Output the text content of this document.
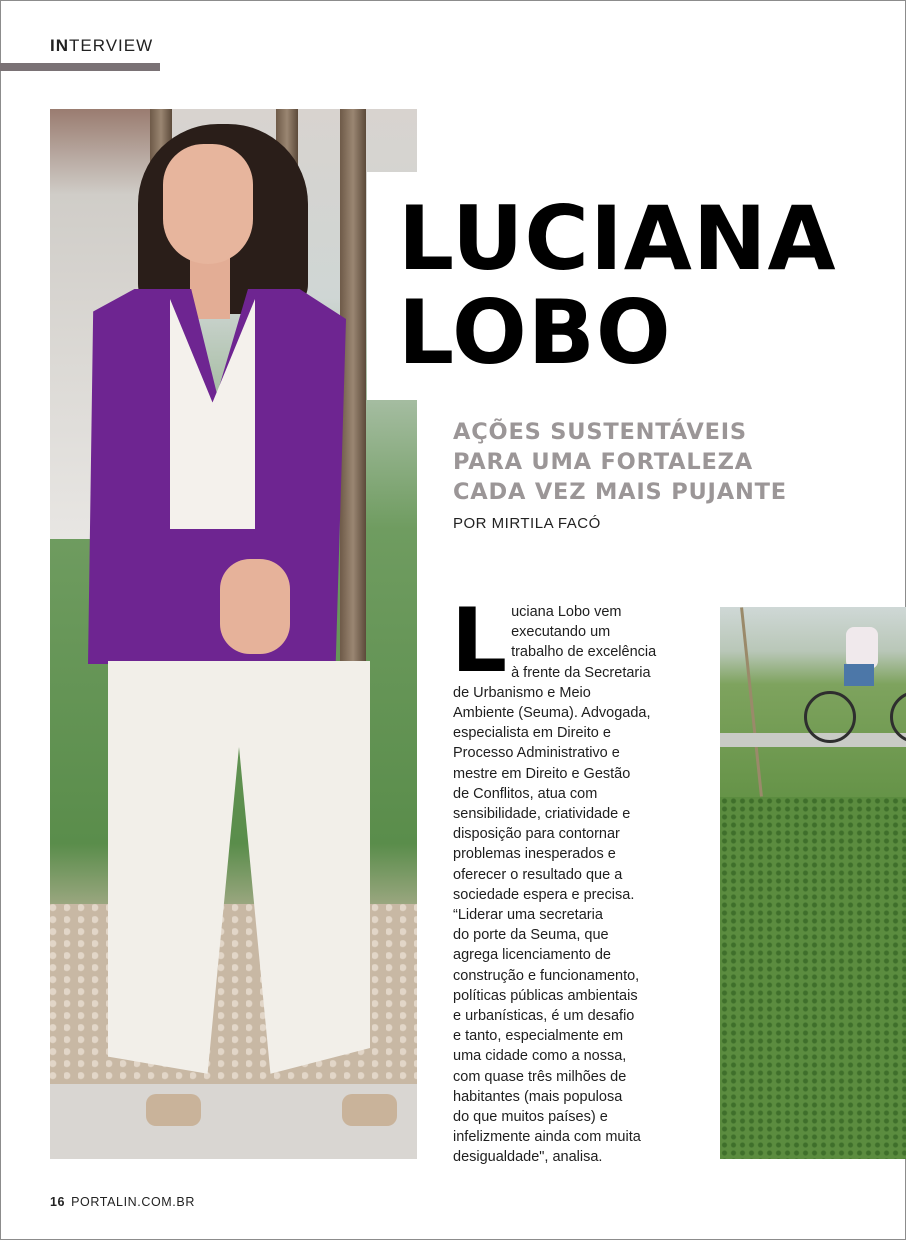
INTERVIEW
LUCIANA
LOBO
AÇÕES SUSTENTÁVEIS
PARA UMA FORTALEZA
CADA VEZ MAIS PUJANTE
POR MIRTILA FACÓ
L uciana Lobo vem
executando um
trabalho de excelência
à frente da Secretaria
de Urbanismo e Meio
Ambiente (Seuma). Advogada,
especialista em Direito e
Processo Administrativo e
mestre em Direito e Gestão
de Conflitos, atua com
sensibilidade, criatividade e
disposição para contornar
problemas inesperados e
oferecer o resultado que a
sociedade espera e precisa.
“Liderar uma secretaria
do porte da Seuma, que
agrega licenciamento de
construção e funcionamento,
políticas públicas ambientais
e urbanísticas, é um desafio
e tanto, especialmente em
uma cidade como a nossa,
com quase três milhões de
habitantes (mais populosa
do que muitos países) e
infelizmente ainda com muita
desigualdade", analisa.
16 PORTALIN.COM.BR
